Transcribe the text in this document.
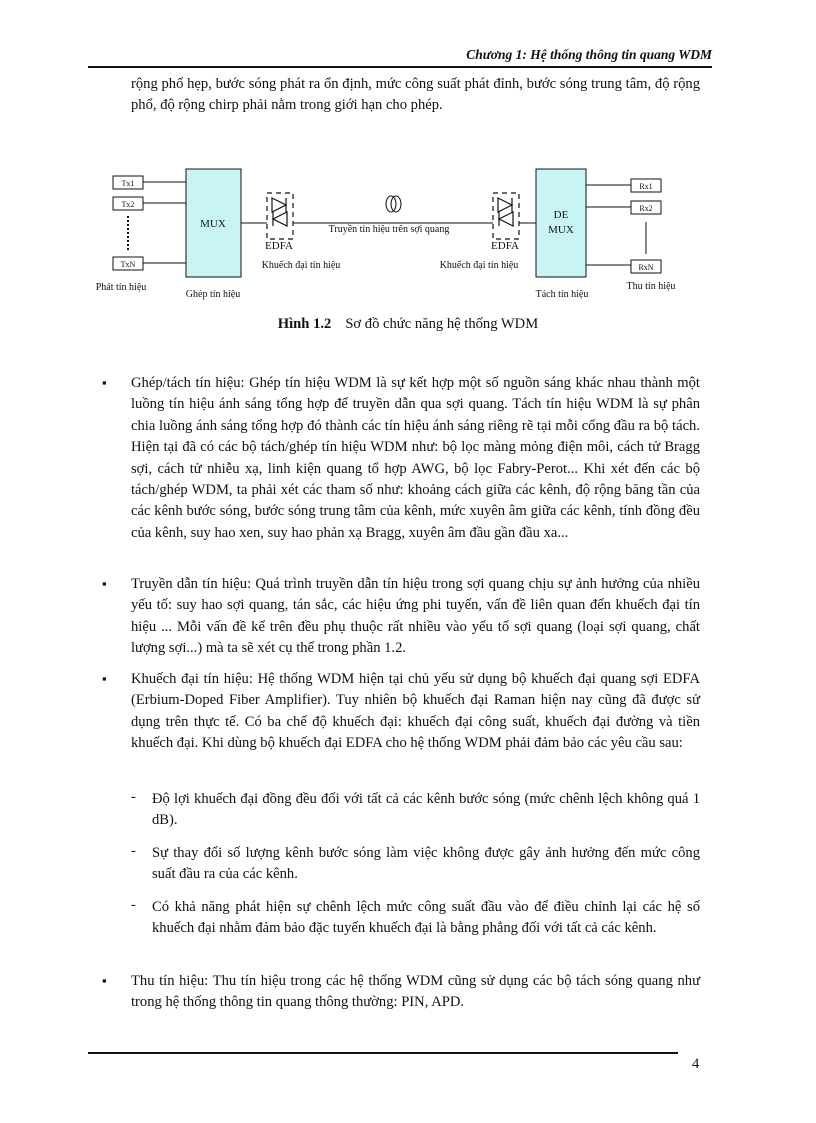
Chương 1: Hệ thống thông tin quang WDM

rộng phổ hẹp, bước sóng phát ra ổn định, mức công suất phát đỉnh, bước sóng trung tâm, độ rộng phổ, độ rộng chirp phải nằm trong giới hạn cho phép.

Tx1
Tx2
TxN
MUX
EDFA
Khuếch đại tín hiệu
Truyền tín hiệu trên sợi quang
EDFA
Khuếch đại tín hiệu
DE
MUX
Rx1
Rx2
RxN
Phát tín hiệu
Ghép tín hiệu	Tách tín hiệu
Thu tín hiệu
Hình 1.2 Sơ đồ chức năng hệ thống WDM
▪ Ghép/tách tín hiệu: Ghép tín hiệu WDM là sự kết hợp một số nguồn sáng khác nhau thành một luồng tín hiệu ánh sáng tổng hợp để truyền dẫn qua sợi quang. Tách tín hiệu WDM là sự phân chia luồng ánh sáng tổng hợp đó thành các tín hiệu ánh sáng riêng rẽ tại mỗi cổng đầu ra bộ tách. Hiện tại đã có các bộ tách/ghép tín hiệu WDM như: bộ lọc màng mỏng điện môi, cách tử Bragg sợi, cách tử nhiễu xạ, linh kiện quang tổ hợp AWG, bộ lọc Fabry-Perot... Khi xét đến các bộ tách/ghép WDM, ta phải xét các tham số như: khoảng cách giữa các kênh, độ rộng băng tần của các kênh bước sóng, bước sóng trung tâm của kênh, mức xuyên âm giữa các kênh, tính đồng đều của kênh, suy hao xen, suy hao phản xạ Bragg, xuyên âm đầu gần đầu xa...

▪ Truyền dẫn tín hiệu: Quá trình truyền dẫn tín hiệu trong sợi quang chịu sự ảnh hưởng của nhiều yếu tố: suy hao sợi quang, tán sắc, các hiệu ứng phi tuyến, vấn đề liên quan đến khuếch đại tín hiệu ... Mỗi vấn đề kể trên đều phụ thuộc rất nhiều vào yếu tố sợi quang (loại sợi quang, chất lượng sợi...) mà ta sẽ xét cụ thể trong phần 1.2.

▪ Khuếch đại tín hiệu: Hệ thống WDM hiện tại chủ yếu sử dụng bộ khuếch đại quang sợi EDFA (Erbium-Doped Fiber Amplifier). Tuy nhiên bộ khuếch đại Raman hiện nay cũng đã được sử dụng trên thực tế. Có ba chế độ khuếch đại: khuếch đại công suất, khuếch đại đường và tiền khuếch đại. Khi dùng bộ khuếch đại EDFA cho hệ thống WDM phải đảm bảo các yêu cầu sau:

- Độ lợi khuếch đại đồng đều đối với tất cả các kênh bước sóng (mức chênh lệch không quá 1 dB).

- Sự thay đổi số lượng kênh bước sóng làm việc không được gây ảnh hưởng đến mức công suất đầu ra của các kênh.

- Có khả năng phát hiện sự chênh lệch mức công suất đầu vào để điều chỉnh lại các hệ số khuếch đại nhằm đảm bảo đặc tuyến khuếch đại là bằng phẳng đối với tất cả các kênh.

▪ Thu tín hiệu: Thu tín hiệu trong các hệ thống WDM cũng sử dụng các bộ tách sóng quang như trong hệ thống thông tin quang thông thường: PIN, APD.

4
